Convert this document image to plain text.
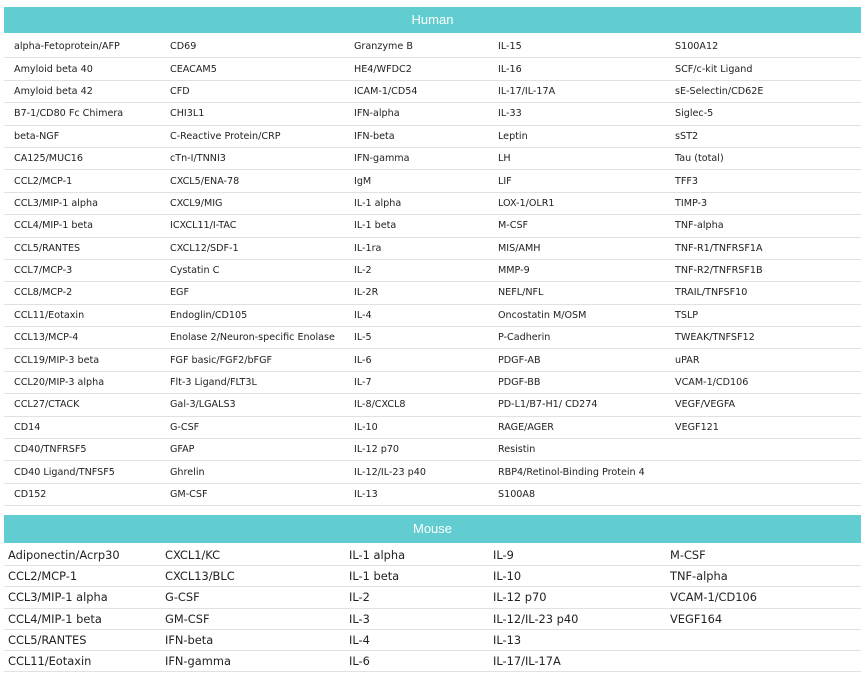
Human
alpha-Fetoprotein/AFP	CD69	Granzyme B	IL-15	S100A12
Amyloid beta 40	CEACAM5	HE4/WFDC2	IL-16	SCF/c-kit Ligand
Amyloid beta 42	CFD	ICAM-1/CD54	IL-17/IL-17A	sE-Selectin/CD62E
B7-1/CD80 Fc Chimera	CHI3L1	IFN-alpha	IL-33	Siglec-5
beta-NGF	C-Reactive Protein/CRP	IFN-beta	Leptin	sST2
CA125/MUC16	cTn-I/TNNI3	IFN-gamma	LH	Tau (total)
CCL2/MCP-1	CXCL5/ENA-78	IgM	LIF	TFF3
CCL3/MIP-1 alpha	CXCL9/MIG	IL-1 alpha	LOX-1/OLR1	TIMP-3
CCL4/MIP-1 beta	ICXCL11/I-TAC	IL-1 beta	M-CSF	TNF-alpha
CCL5/RANTES	CXCL12/SDF-1	IL-1ra	MIS/AMH	TNF-R1/TNFRSF1A
CCL7/MCP-3	Cystatin C	IL-2	MMP-9	TNF-R2/TNFRSF1B
CCL8/MCP-2	EGF	IL-2R	NEFL/NFL	TRAIL/TNFSF10
CCL11/Eotaxin	Endoglin/CD105	IL-4	Oncostatin M/OSM	TSLP
CCL13/MCP-4	Enolase 2/Neuron-specific Enolase	IL-5	P-Cadherin	TWEAK/TNFSF12
CCL19/MIP-3 beta	FGF basic/FGF2/bFGF	IL-6	PDGF-AB	uPAR
CCL20/MIP-3 alpha	Flt-3 Ligand/FLT3L	IL-7	PDGF-BB	VCAM-1/CD106
CCL27/CTACK	Gal-3/LGALS3	IL-8/CXCL8	PD-L1/B7-H1/ CD274	VEGF/VEGFA
CD14	G-CSF	IL-10	RAGE/AGER	VEGF121
CD40/TNFRSF5	GFAP	IL-12 p70	Resistin	
CD40 Ligand/TNFSF5	Ghrelin	IL-12/IL-23 p40	RBP4/Retinol-Binding Protein 4	
CD152	GM-CSF	IL-13	S100A8	
Mouse
Adiponectin/Acrp30	CXCL1/KC	IL-1 alpha	IL-9	M-CSF
CCL2/MCP-1	CXCL13/BLC	IL-1 beta	IL-10	TNF-alpha
CCL3/MIP-1 alpha	G-CSF	IL-2	IL-12 p70	VCAM-1/CD106
CCL4/MIP-1 beta	GM-CSF	IL-3	IL-12/IL-23 p40	VEGF164
CCL5/RANTES	IFN-beta	IL-4	IL-13	
CCL11/Eotaxin	IFN-gamma	IL-6	IL-17/IL-17A	
